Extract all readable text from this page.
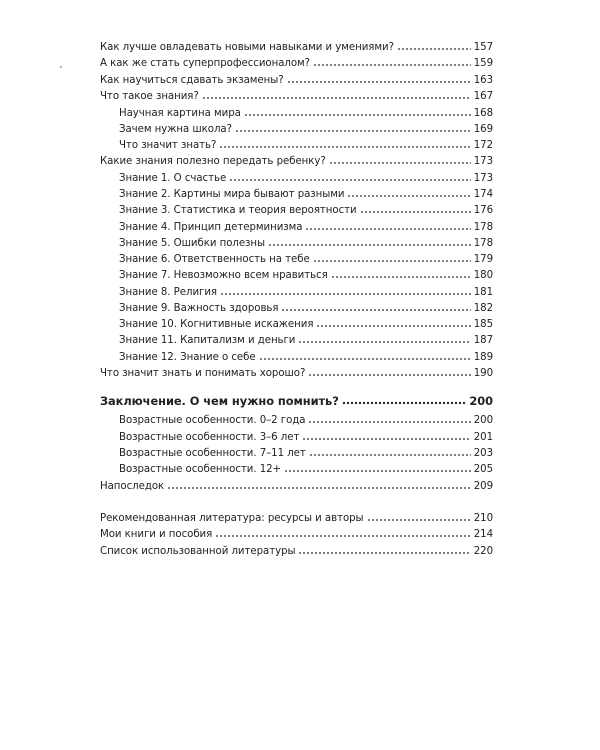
Как лучше овладевать новыми навыками и умениями?	157
А как же стать суперпрофессионалом?	159
Как научиться сдавать экзамены?	163
Что такое знания?	167
Научная картина мира	168
Зачем нужна школа?	169
Что значит знать?	172
Какие знания полезно передать ребенку?	173
Знание 1. О счастье	173
Знание 2. Картины мира бывают разными	174
Знание 3. Статистика и теория вероятности	176
Знание 4. Принцип детерминизма	178
Знание 5. Ошибки полезны	178
Знание 6. Ответственность на тебе	179
Знание 7. Невозможно всем нравиться	180
Знание 8. Религия	181
Знание 9. Важность здоровья	182
Знание 10. Когнитивные искажения	185
Знание 11. Капитализм и деньги	187
Знание 12. Знание о себе	189
Что значит знать и понимать хорошо?	190
Заключение. О чем нужно помнить?	200
Возрастные особенности. 0–2 года	200
Возрастные особенности. 3–6 лет	201
Возрастные особенности. 7–11 лет	203
Возрастные особенности. 12+	205
Напоследок	209
Рекомендованная литература: ресурсы и авторы	210
Мои книги и пособия	214
Список использованной литературы	220
